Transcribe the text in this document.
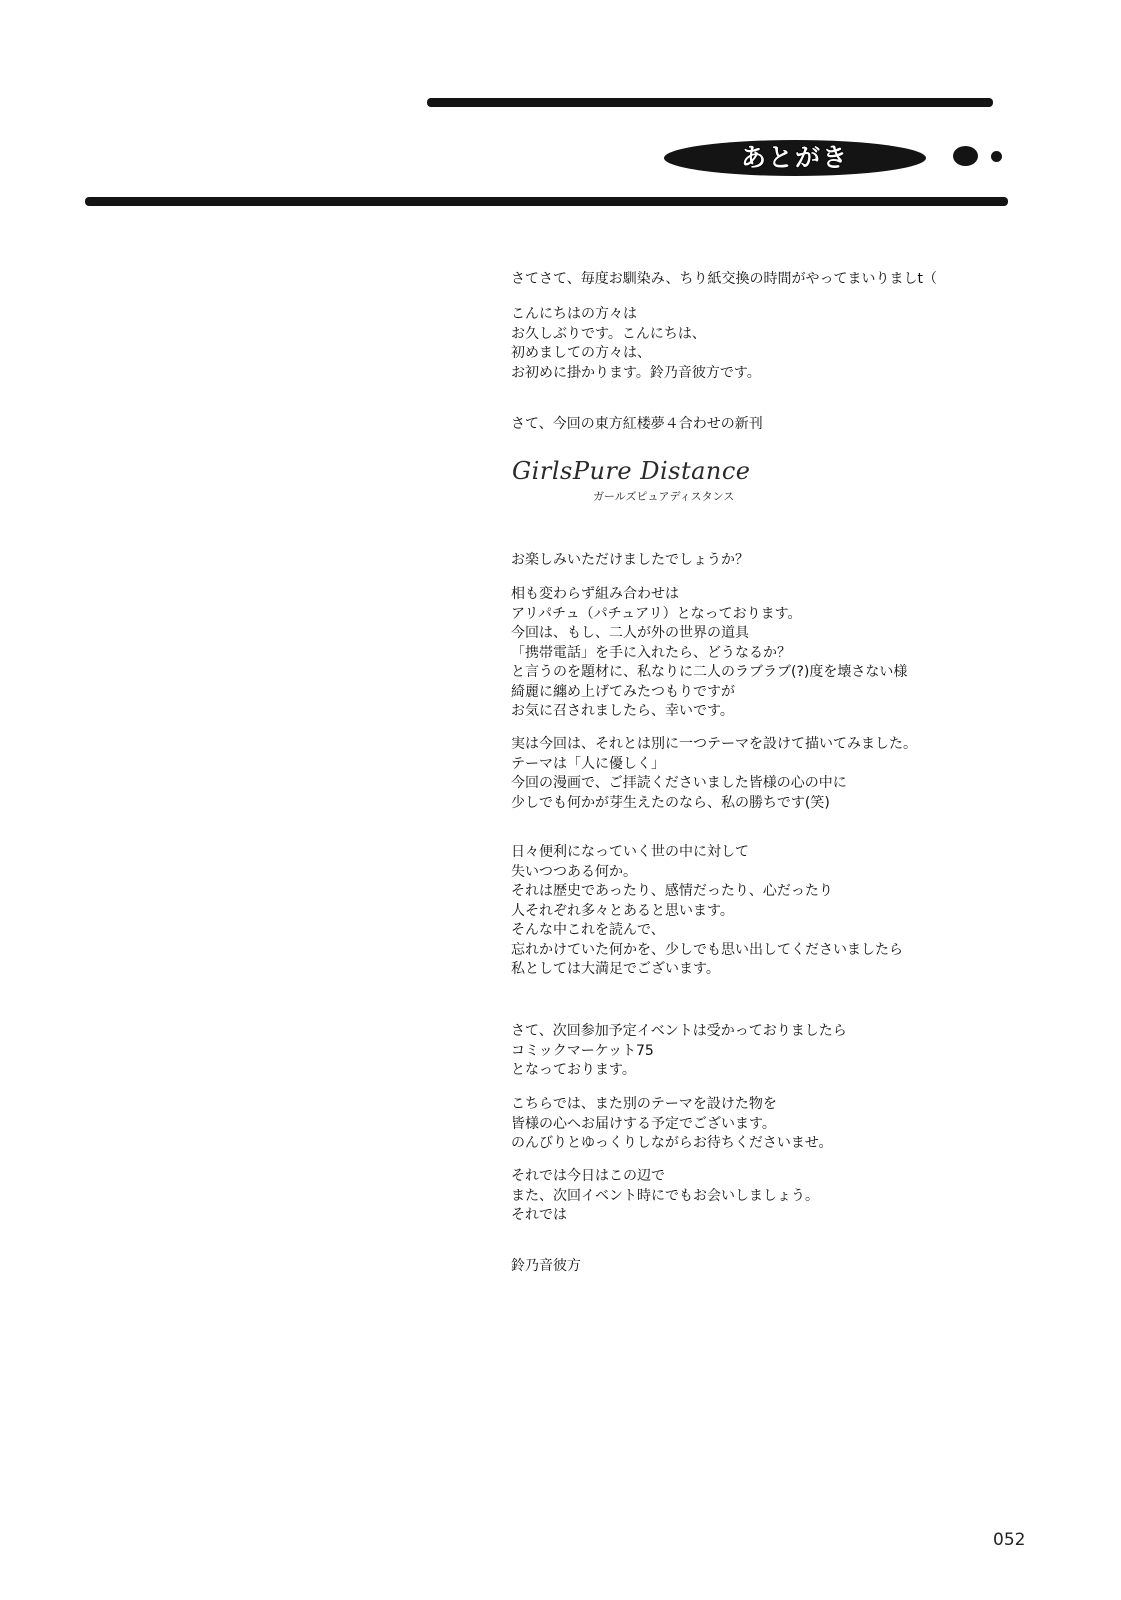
あとがき
さてさて、毎度お馴染み、ちり紙交換の時間がやってまいりましt（
こんにちはの方々は
お久しぶりです。こんにちは、
初めましての方々は、
お初めに掛かります。鈴乃音彼方です。
さて、今回の東方紅楼夢４合わせの新刊
GirlsPure Distance
ガールズピュアディスタンス
お楽しみいただけましたでしょうか？
相も変わらず組み合わせは
アリパチュ（パチュアリ）となっております。
今回は、もし、二人が外の世界の道具
「携帯電話」を手に入れたら、どうなるか？
と言うのを題材に、私なりに二人のラブラブ(?)度を壊さない様
綺麗に纏め上げてみたつもりですが
お気に召されましたら、幸いです。
実は今回は、それとは別に一つテーマを設けて描いてみました。
テーマは「人に優しく」
今回の漫画で、ご拝読くださいました皆様の心の中に
少しでも何かが芽生えたのなら、私の勝ちです(笑)
日々便利になっていく世の中に対して
失いつつある何か。
それは歴史であったり、感情だったり、心だったり
人それぞれ多々とあると思います。
そんな中これを読んで、
忘れかけていた何かを、少しでも思い出してくださいましたら
私としては大満足でございます。
さて、次回参加予定イベントは受かっておりましたら
コミックマーケット75
となっております。
こちらでは、また別のテーマを設けた物を
皆様の心へお届けする予定でございます。
のんびりとゆっくりしながらお待ちくださいませ。
それでは今日はこの辺で
また、次回イベント時にでもお会いしましょう。
それでは
鈴乃音彼方
052
